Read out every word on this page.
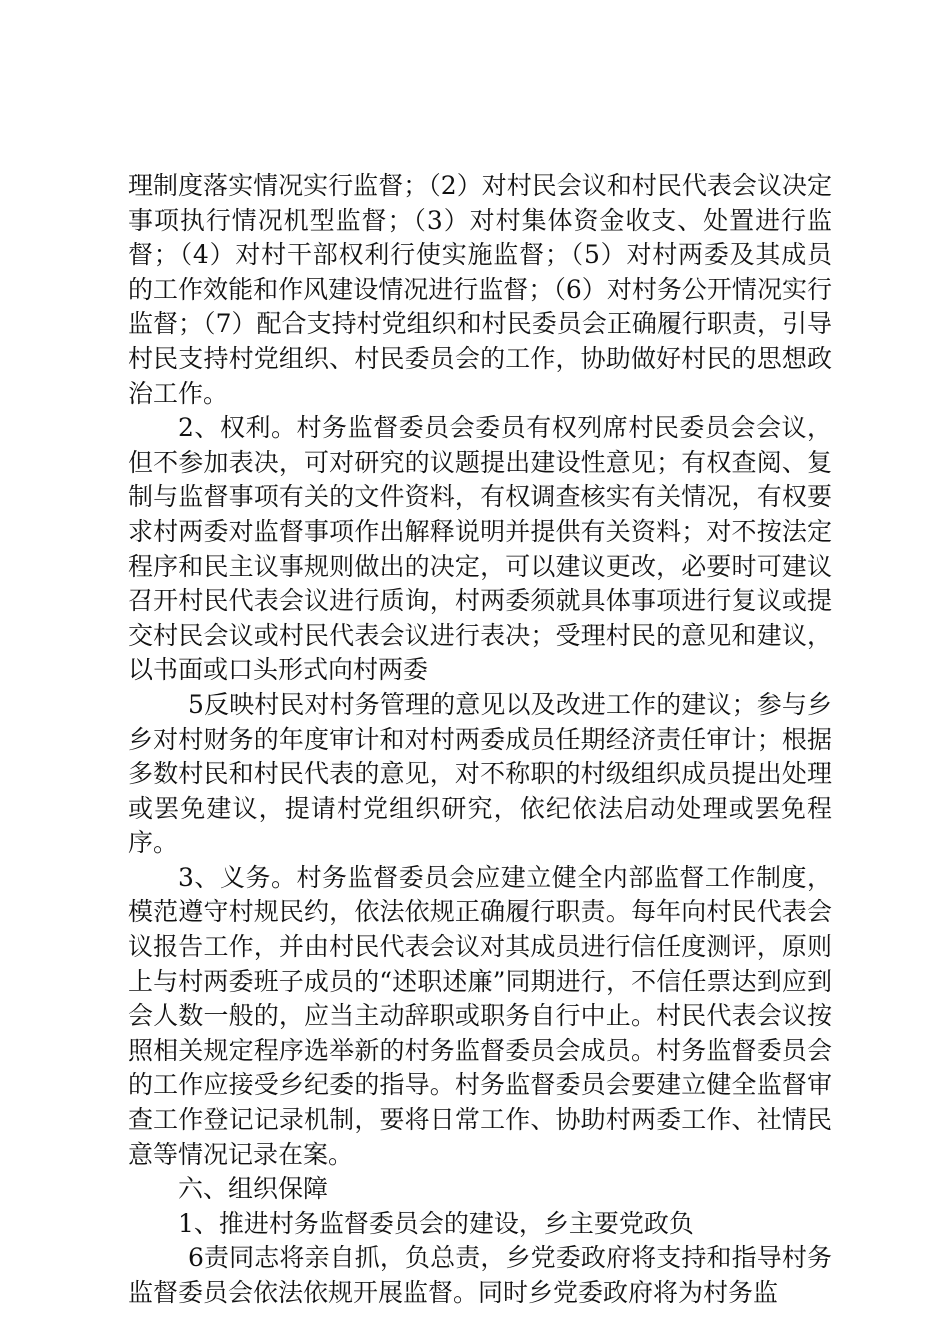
理制度落实情况实行监督；（2）对村民会议和村民代表会议决定事项执行情况机型监督；（3）对村集体资金收支、处置进行监督；（4）对村干部权利行使实施监督；（5）对村两委及其成员的工作效能和作风建设情况进行监督；（6）对村务公开情况实行监督；（7）配合支持村党组织和村民委员会正确履行职责，引导村民支持村党组织、村民委员会的工作，协助做好村民的思想政治工作。

2、权利。村务监督委员会委员有权列席村民委员会会议，但不参加表决，可对研究的议题提出建设性意见；有权查阅、复制与监督事项有关的文件资料，有权调查核实有关情况，有权要求村两委对监督事项作出解释说明并提供有关资料；对不按法定程序和民主议事规则做出的决定，可以建议更改，必要时可建议召开村民代表会议进行质询，村两委须就具体事项进行复议或提交村民会议或村民代表会议进行表决；受理村民的意见和建议，以书面或口头形式向村两委

5反映村民对村务管理的意见以及改进工作的建议；参与乡乡对村财务的年度审计和对村两委成员任期经济责任审计；根据多数村民和村民代表的意见，对不称职的村级组织成员提出处理或罢免建议，提请村党组织研究，依纪依法启动处理或罢免程序。

3、义务。村务监督委员会应建立健全内部监督工作制度，模范遵守村规民约，依法依规正确履行职责。每年向村民代表会议报告工作，并由村民代表会议对其成员进行信任度测评，原则上与村两委班子成员的“述职述廉”同期进行，不信任票达到应到会人数一般的，应当主动辞职或职务自行中止。村民代表会议按照相关规定程序选举新的村务监督委员会成员。村务监督委员会的工作应接受乡纪委的指导。村务监督委员会要建立健全监督审查工作登记记录机制，要将日常工作、协助村两委工作、社情民意等情况记录在案。

六、组织保障

1、推进村务监督委员会的建设，乡主要党政负

6责同志将亲自抓，负总责，乡党委政府将支持和指导村务监督委员会依法依规开展监督。同时乡党委政府将为村务监
